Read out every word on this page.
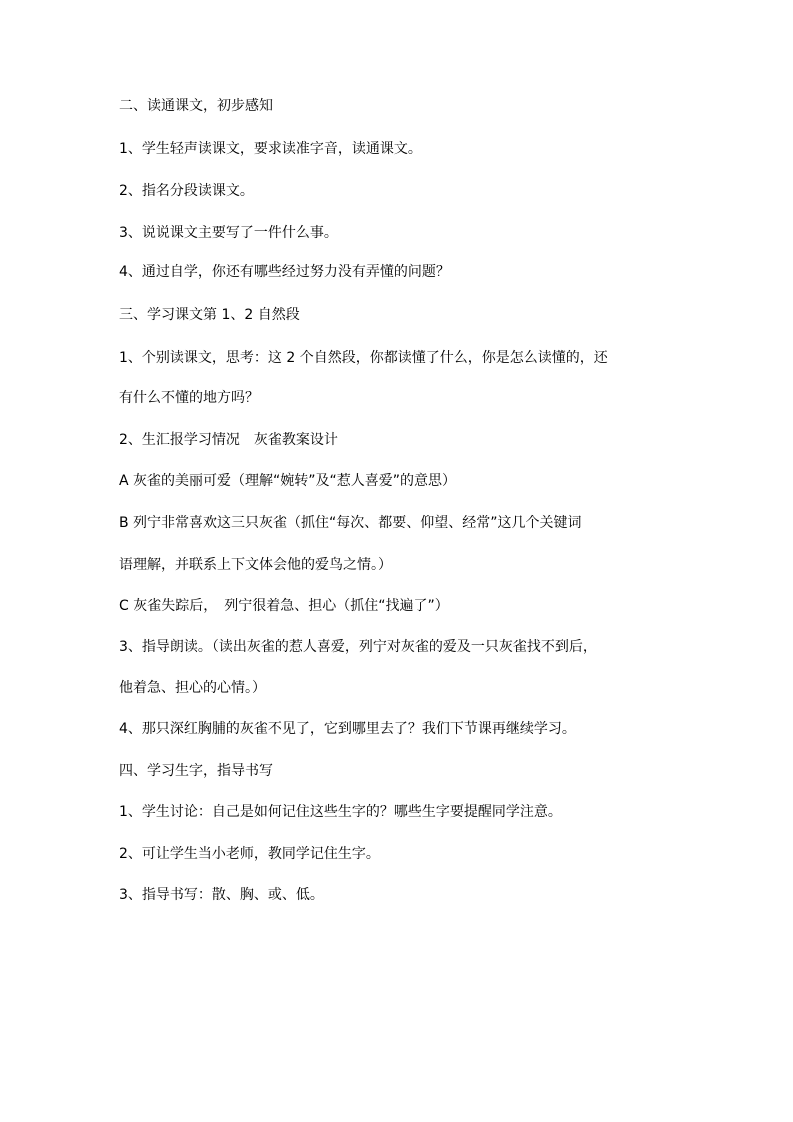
二、读通课文，初步感知
1、学生轻声读课文，要求读准字音，读通课文。
2、指名分段读课文。
3、说说课文主要写了一件什么事。
4、通过自学，你还有哪些经过努力没有弄懂的问题？
三、学习课文第 1、2 自然段
1、个别读课文，思考：这 2 个自然段，你都读懂了什么，你是怎么读懂的，还
有什么不懂的地方吗？
2、生汇报学习情况　灰雀教案设计
A 灰雀的美丽可爱（理解“婉转”及“惹人喜爱”的意思）
B 列宁非常喜欢这三只灰雀（抓住“每次、都要、仰望、经常”这几个关键词
语理解，并联系上下文体会他的爱鸟之情。）
C 灰雀失踪后，　列宁很着急、担心（抓住“找遍了”）
3、指导朗读。（读出灰雀的惹人喜爱，列宁对灰雀的爱及一只灰雀找不到后，
他着急、担心的心情。）
4、那只深红胸脯的灰雀不见了，它到哪里去了？我们下节课再继续学习。
四、学习生字，指导书写
1、学生讨论：自己是如何记住这些生字的？哪些生字要提醒同学注意。
2、可让学生当小老师，教同学记住生字。
3、指导书写：散、胸、或、低。
